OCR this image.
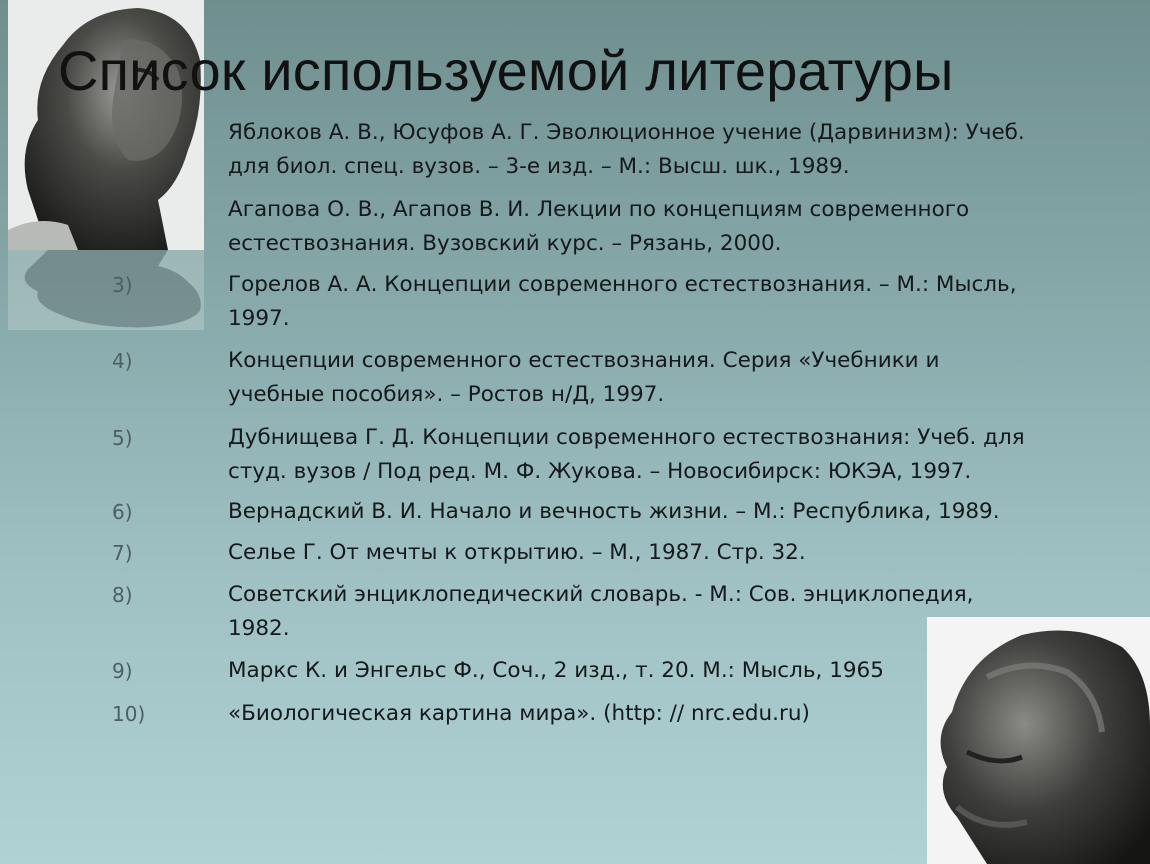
Список используемой литературы
Яблоков А. В., Юсуфов А. Г. Эволюционное учение (Дарвинизм): Учеб.
для биол. спец. вузов. – 3-е изд. – М.: Высш. шк., 1989.
Агапова О. В., Агапов В. И. Лекции по концепциям современного
естествознания. Вузовский курс. – Рязань, 2000.
3)	Горелов А. А. Концепции современного естествознания. – М.: Мысль,
1997.
4)	Концепции современного естествознания. Серия «Учебники и
учебные пособия». – Ростов н/Д, 1997.
5)	Дубнищева Г. Д. Концепции современного естествознания: Учеб. для
студ. вузов / Под ред. М. Ф. Жукова. – Новосибирск: ЮКЭА, 1997.
6)	Вернадский В. И. Начало и вечность жизни. – М.: Республика, 1989.
7)	Селье Г. От мечты к открытию. – М., 1987. Стр. 32.
8)	Советский энциклопедический словарь. - М.: Сов. энциклопедия,
1982.
9)	Маркс К. и Энгельс Ф., Соч., 2 изд., т. 20. М.: Мысль, 1965
10)	«Биологическая картина мира». (http: // nrc.edu.ru)
